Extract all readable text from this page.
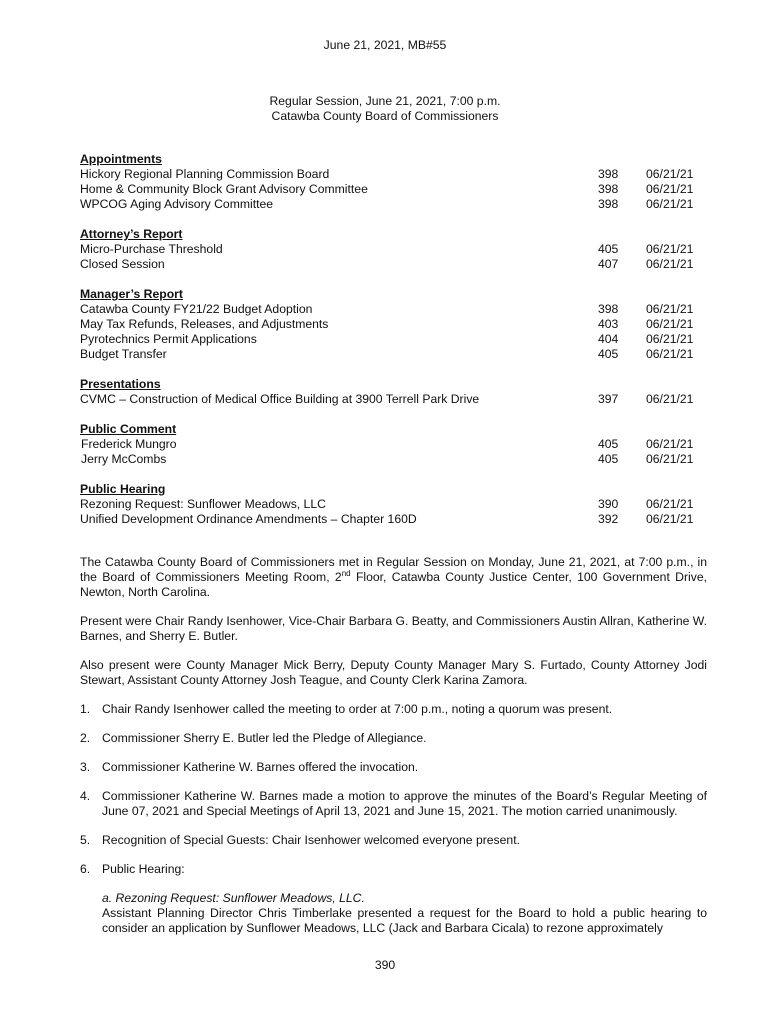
June 21, 2021, MB#55
Regular Session, June 21, 2021, 7:00 p.m.
Catawba County Board of Commissioners
Appointments
Hickory Regional Planning Commission Board	398 06/21/21
Home & Community Block Grant Advisory Committee	398 06/21/21
WPCOG Aging Advisory Committee	398 06/21/21
Attorney’s Report
Micro-Purchase Threshold	405 06/21/21
Closed Session	407 06/21/21
Manager’s Report
Catawba County FY21/22 Budget Adoption	398 06/21/21
May Tax Refunds, Releases, and Adjustments	403 06/21/21
Pyrotechnics Permit Applications	404 06/21/21
Budget Transfer	405 06/21/21
Presentations
CVMC – Construction of Medical Office Building at 3900 Terrell Park Drive	397 06/21/21
Public Comment
Frederick Mungro	405 06/21/21
Jerry McCombs	405 06/21/21
Public Hearing
Rezoning Request: Sunflower Meadows, LLC	390 06/21/21
Unified Development Ordinance Amendments – Chapter 160D	392 06/21/21

The Catawba County Board of Commissioners met in Regular Session on Monday, June 21, 2021, at 7:00 p.m., in the Board of Commissioners Meeting Room, 2nd Floor, Catawba County Justice Center, 100 Government Drive, Newton, North Carolina.

Present were Chair Randy Isenhower, Vice-Chair Barbara G. Beatty, and Commissioners Austin Allran, Katherine W. Barnes, and Sherry E. Butler.

Also present were County Manager Mick Berry, Deputy County Manager Mary S. Furtado, County Attorney Jodi Stewart, Assistant County Attorney Josh Teague, and County Clerk Karina Zamora.

1. Chair Randy Isenhower called the meeting to order at 7:00 p.m., noting a quorum was present.
2. Commissioner Sherry E. Butler led the Pledge of Allegiance.
3. Commissioner Katherine W. Barnes offered the invocation.
4. Commissioner Katherine W. Barnes made a motion to approve the minutes of the Board’s Regular Meeting of June 07, 2021 and Special Meetings of April 13, 2021 and June 15, 2021. The motion carried unanimously.
5. Recognition of Special Guests: Chair Isenhower welcomed everyone present.
6. Public Hearing:
a. Rezoning Request: Sunflower Meadows, LLC.
Assistant Planning Director Chris Timberlake presented a request for the Board to hold a public hearing to consider an application by Sunflower Meadows, LLC (Jack and Barbara Cicala) to rezone approximately
390
